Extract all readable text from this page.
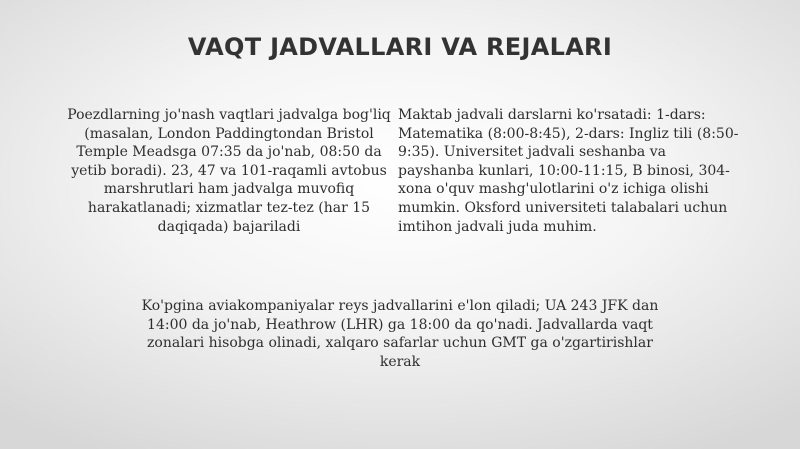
VAQT JADVALLARI VA REJALARI

Poezdlarning jo'nash vaqtlari jadvalga bog'liq (masalan, London Paddingtondan Bristol Temple Meadsga 07:35 da jo'nab, 08:50 da yetib boradi). 23, 47 va 101-raqamli avtobus marshrutlari ham jadvalga muvofiq harakatlanadi; xizmatlar tez-tez (har 15 daqiqada) bajariladi

Maktab jadvali darslarni ko'rsatadi: 1-dars: Matematika (8:00-8:45), 2-dars: Ingliz tili (8:50-9:35). Universitet jadvali seshanba va payshanba kunlari, 10:00-11:15, B binosi, 304-xona o'quv mashg'ulotlarini o'z ichiga olishi mumkin. Oksford universiteti talabalari uchun imtihon jadvali juda muhim.

Ko'pgina aviakompaniyalar reys jadvallarini e'lon qiladi; UA 243 JFK dan 14:00 da jo'nab, Heathrow (LHR) ga 18:00 da qo'nadi. Jadvallarda vaqt zonalari hisobga olinadi, xalqaro safarlar uchun GMT ga o'zgartirishlar kerak
